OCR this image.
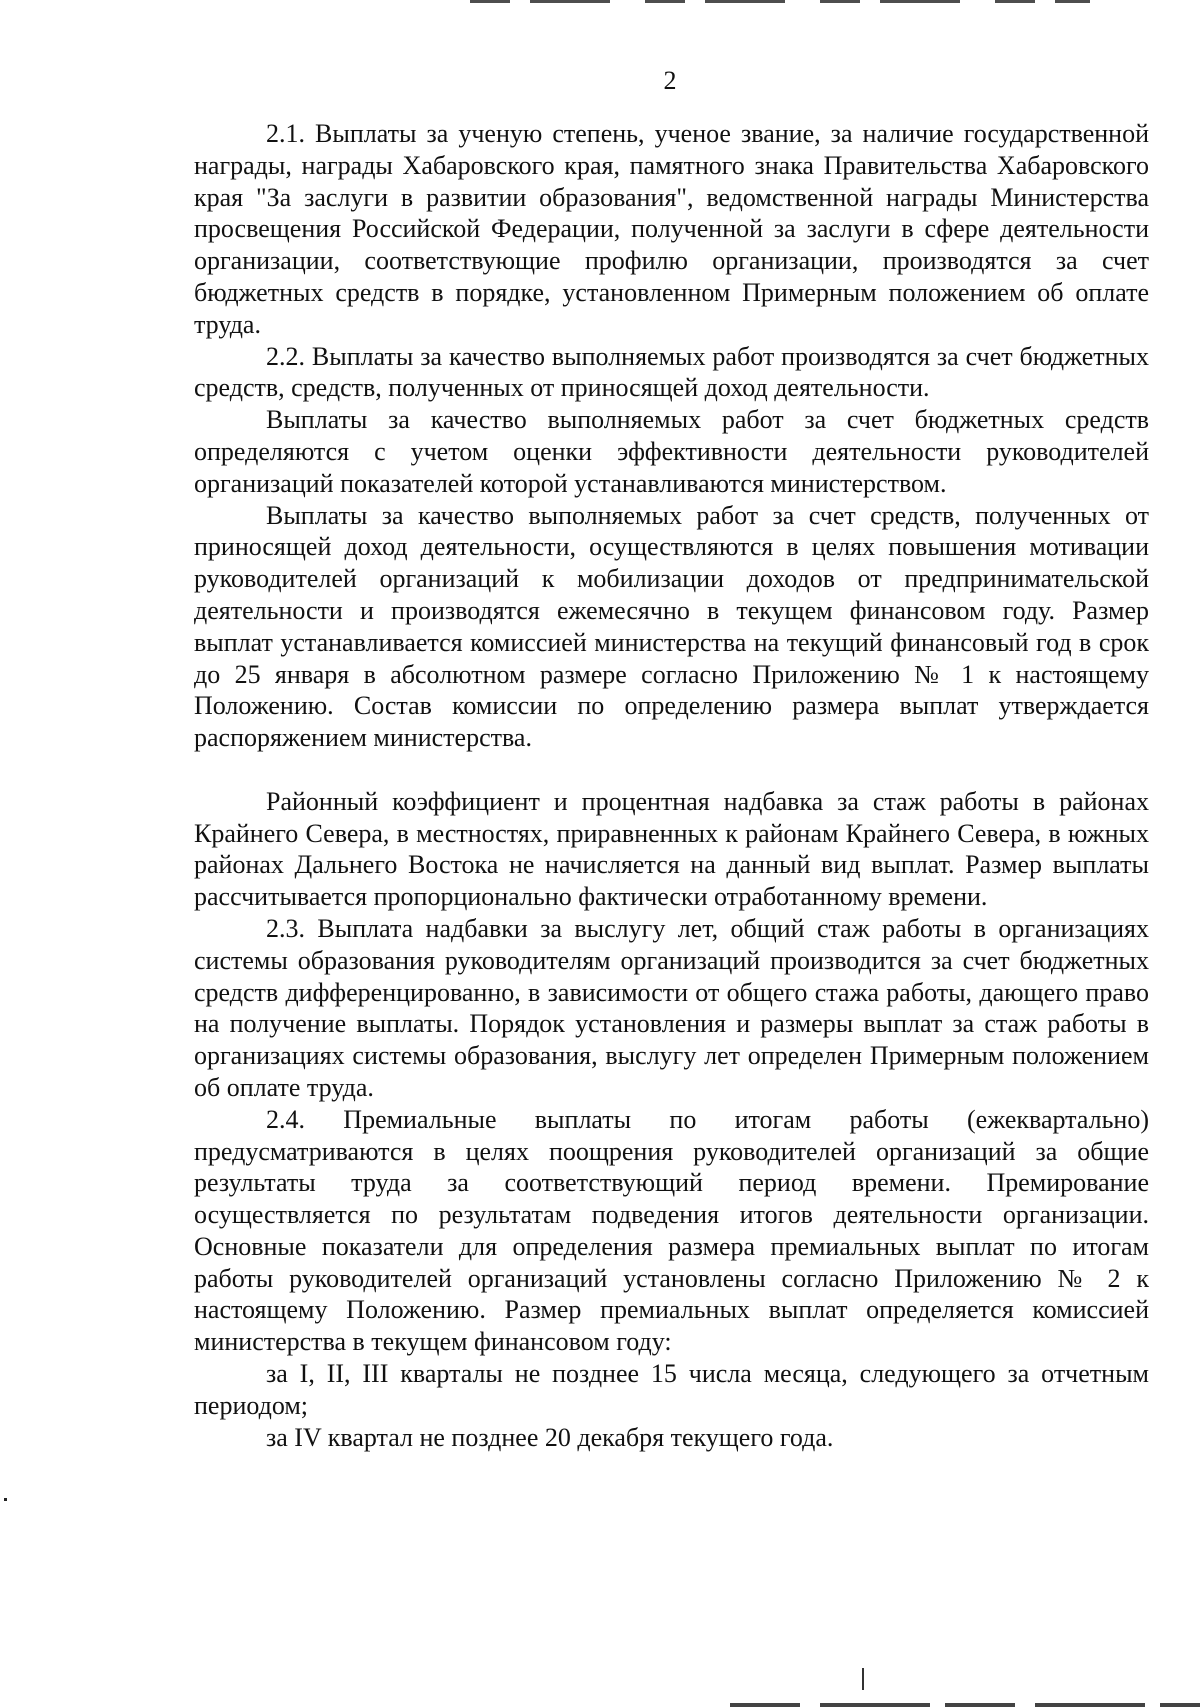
2

2.1. Выплаты за ученую степень, ученое звание, за наличие государственной награды, награды Хабаровского края, памятного знака Правительства Хабаровского края "За заслуги в развитии образования", ведомственной награды Министерства просвещения Российской Федерации, полученной за заслуги в сфере деятельности организации, соответствующие профилю организации, производятся за счет бюджетных средств в порядке, установленном Примерным положением об оплате труда.

2.2. Выплаты за качество выполняемых работ производятся за счет бюджетных средств, средств, полученных от приносящей доход деятельности.

Выплаты за качество выполняемых работ за счет бюджетных средств определяются с учетом оценки эффективности деятельности руководителей организаций показателей которой устанавливаются министерством.

Выплаты за качество выполняемых работ за счет средств, полученных от приносящей доход деятельности, осуществляются в целях повышения мотивации руководителей организаций к мобилизации доходов от предпринимательской деятельности и производятся ежемесячно в текущем финансовом году. Размер выплат устанавливается комиссией министерства на текущий финансовый год в срок до 25 января в абсолютном размере согласно Приложению № 1 к настоящему Положению. Состав комиссии по определению размера выплат утверждается распоряжением министерства.

Районный коэффициент и процентная надбавка за стаж работы в районах Крайнего Севера, в местностях, приравненных к районам Крайнего Севера, в южных районах Дальнего Востока не начисляется на данный вид выплат. Размер выплаты рассчитывается пропорционально фактически отработанному времени.

2.3. Выплата надбавки за выслугу лет, общий стаж работы в организациях системы образования руководителям организаций производится за счет бюджетных средств дифференцированно, в зависимости от общего стажа работы, дающего право на получение выплаты. Порядок установления и размеры выплат за стаж работы в организациях системы образования, выслугу лет определен Примерным положением об оплате труда.

2.4. Премиальные выплаты по итогам работы (ежеквартально) предусматриваются в целях поощрения руководителей организаций за общие результаты труда за соответствующий период времени. Премирование осуществляется по результатам подведения итогов деятельности организации. Основные показатели для определения размера премиальных выплат по итогам работы руководителей организаций установлены согласно Приложению № 2 к настоящему Положению. Размер премиальных выплат определяется комиссией министерства в текущем финансовом году:

за I, II, III кварталы не позднее 15 числа месяца, следующего за отчетным периодом;

за IV квартал не позднее 20 декабря текущего года.
